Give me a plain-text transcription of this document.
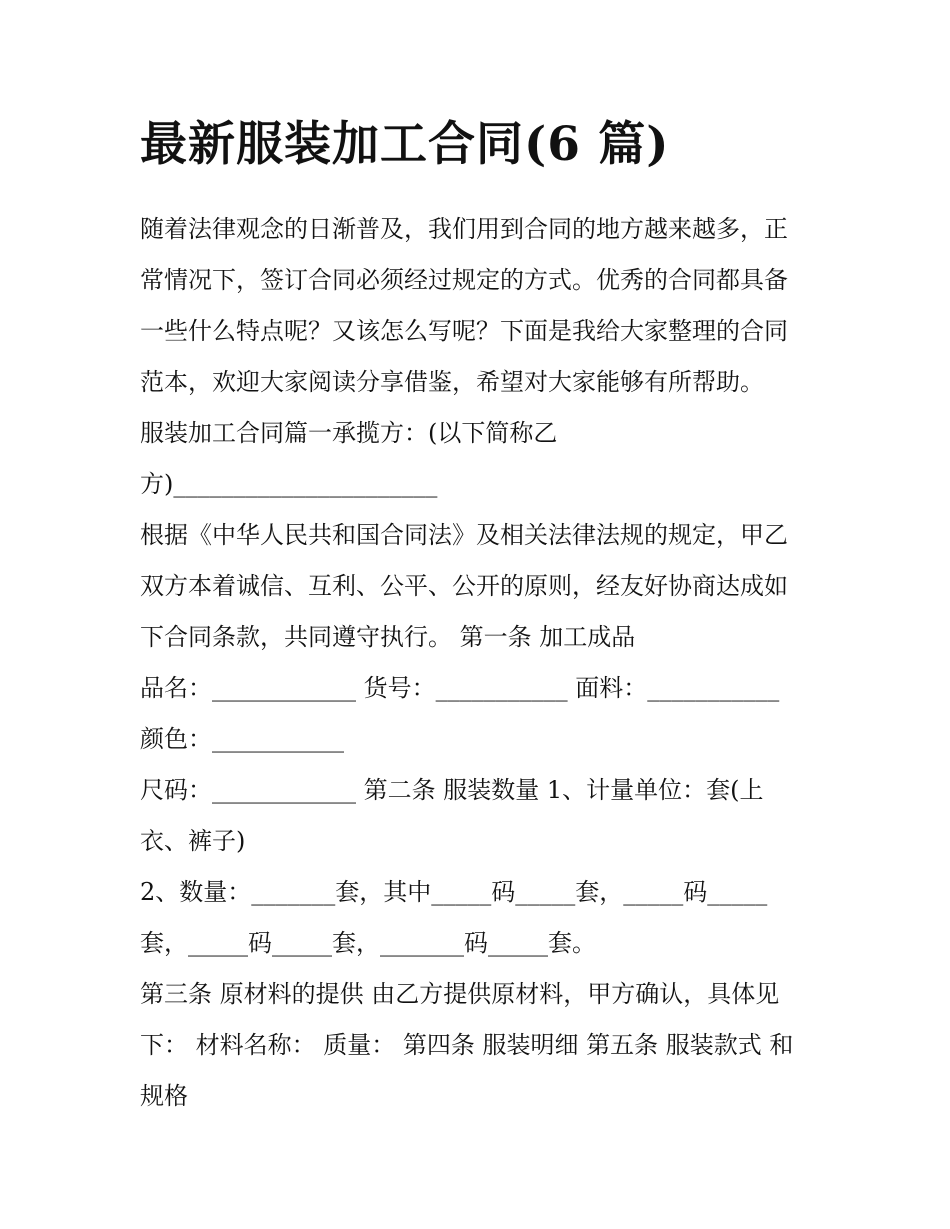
最新服装加工合同(6 篇)
随着法律观念的日渐普及，我们用到合同的地方越来越多，正
常情况下，签订合同必须经过规定的方式。优秀的合同都具备
一些什么特点呢？又该怎么写呢？下面是我给大家整理的合同
范本，欢迎大家阅读分享借鉴，希望对大家能够有所帮助。
服装加工合同篇一承揽方：(以下简称乙
方)______________________
根据《中华人民共和国合同法》及相关法律法规的规定，甲乙
双方本着诚信、互利、公平、公开的原则，经友好协商达成如
下合同条款，共同遵守执行。 第一条 加工成品
品名：____________ 货号：___________ 面料：___________
颜色：___________
尺码：____________ 第二条 服装数量 1、计量单位：套(上
衣、裤子)
2、数量：_______套，其中_____码_____套，_____码_____
套，_____码_____套，_______码_____套。
第三条 原材料的提供 由乙方提供原材料，甲方确认，具体见
下： 材料名称： 质量： 第四条 服装明细 第五条 服装款式 和
规格
